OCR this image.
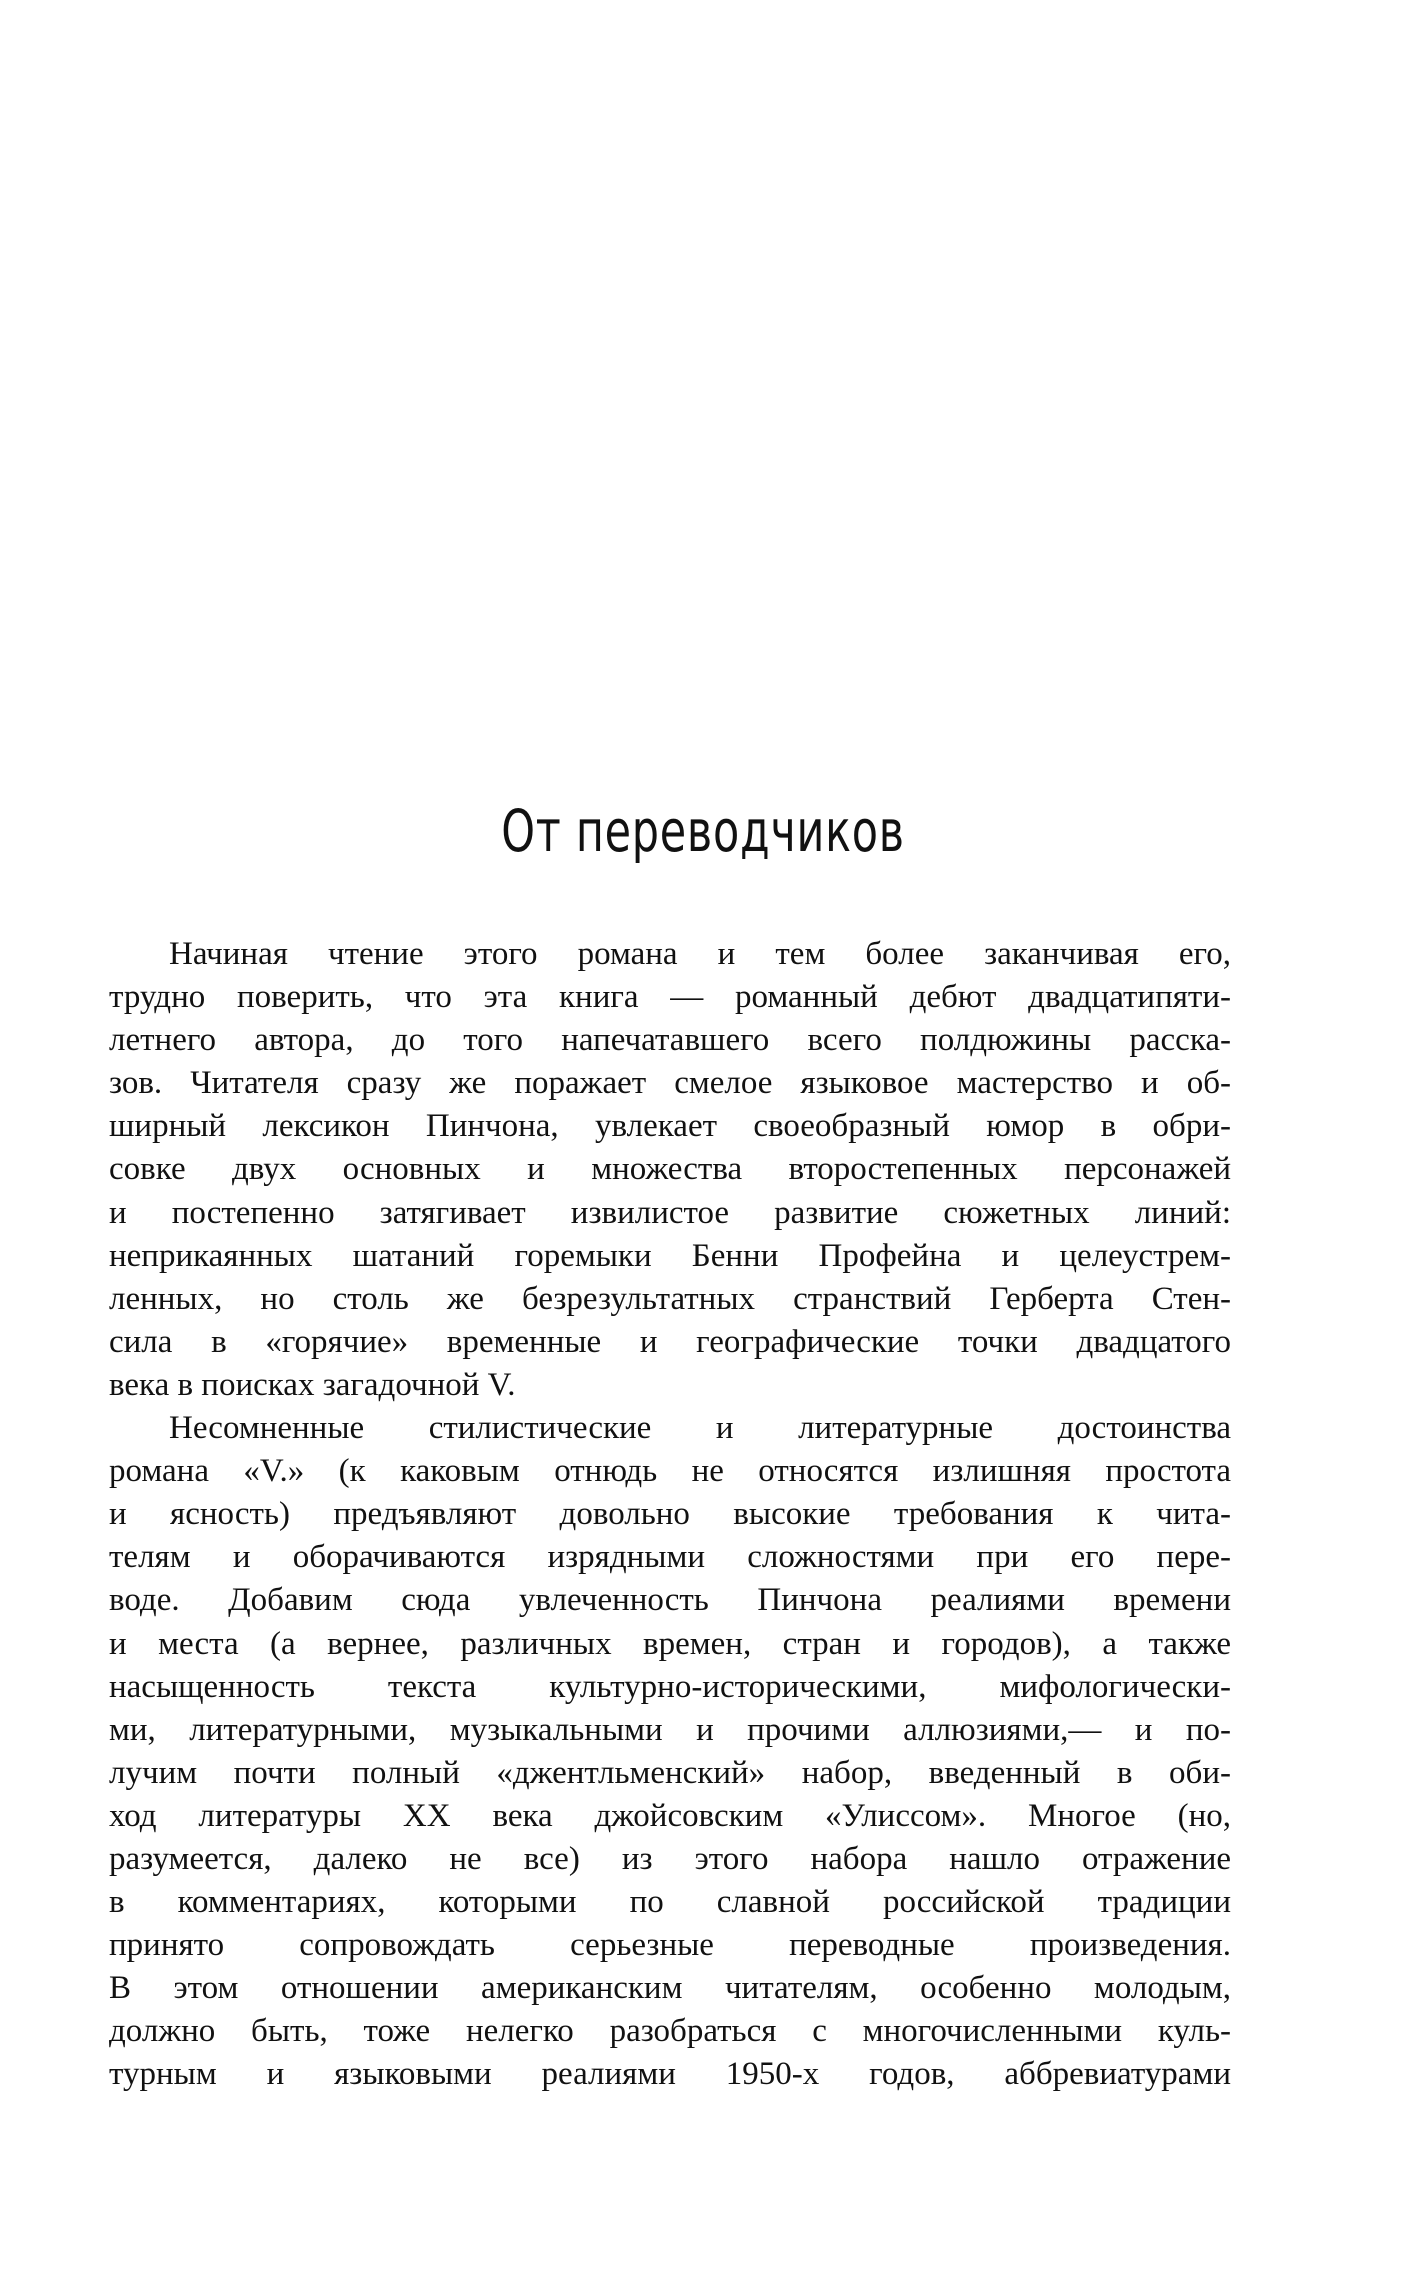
От переводчиков

Начиная чтение этого романа и тем более заканчивая его,
трудно поверить, что эта книга — романный дебют двадцатипяти-
летнего автора, до того напечатавшего всего полдюжины расска-
зов. Читателя сразу же поражает смелое языковое мастерство и об-
ширный лексикон Пинчона, увлекает своеобразный юмор в обри-
совке двух основных и множества второстепенных персонажей
и постепенно затягивает извилистое развитие сюжетных линий:
неприкаянных шатаний горемыки Бенни Профейна и целеустрем-
ленных, но столь же безрезультатных странствий Герберта Стен-
сила в «горячие» временные и географические точки двадцатого
века в поисках загадочной V.

Несомненные стилистические и литературные достоинства
романа «V.» (к каковым отнюдь не относятся излишняя простота
и ясность) предъявляют довольно высокие требования к чита-
телям и оборачиваются изрядными сложностями при его пере-
воде. Добавим сюда увлеченность Пинчона реалиями времени
и места (а вернее, различных времен, стран и городов), а также
насыщенность текста культурно-историческими, мифологически-
ми, литературными, музыкальными и прочими аллюзиями,— и по-
лучим почти полный «джентльменский» набор, введенный в оби-
ход литературы XX века джойсовским «Улиссом». Многое (но,
разумеется, далеко не все) из этого набора нашло отражение
в комментариях, которыми по славной российской традиции
принято сопровождать серьезные переводные произведения.
В этом отношении американским читателям, особенно молодым,
должно быть, тоже нелегко разобраться с многочисленными куль-
турным и языковыми реалиями 1950-х годов, аббревиатурами
